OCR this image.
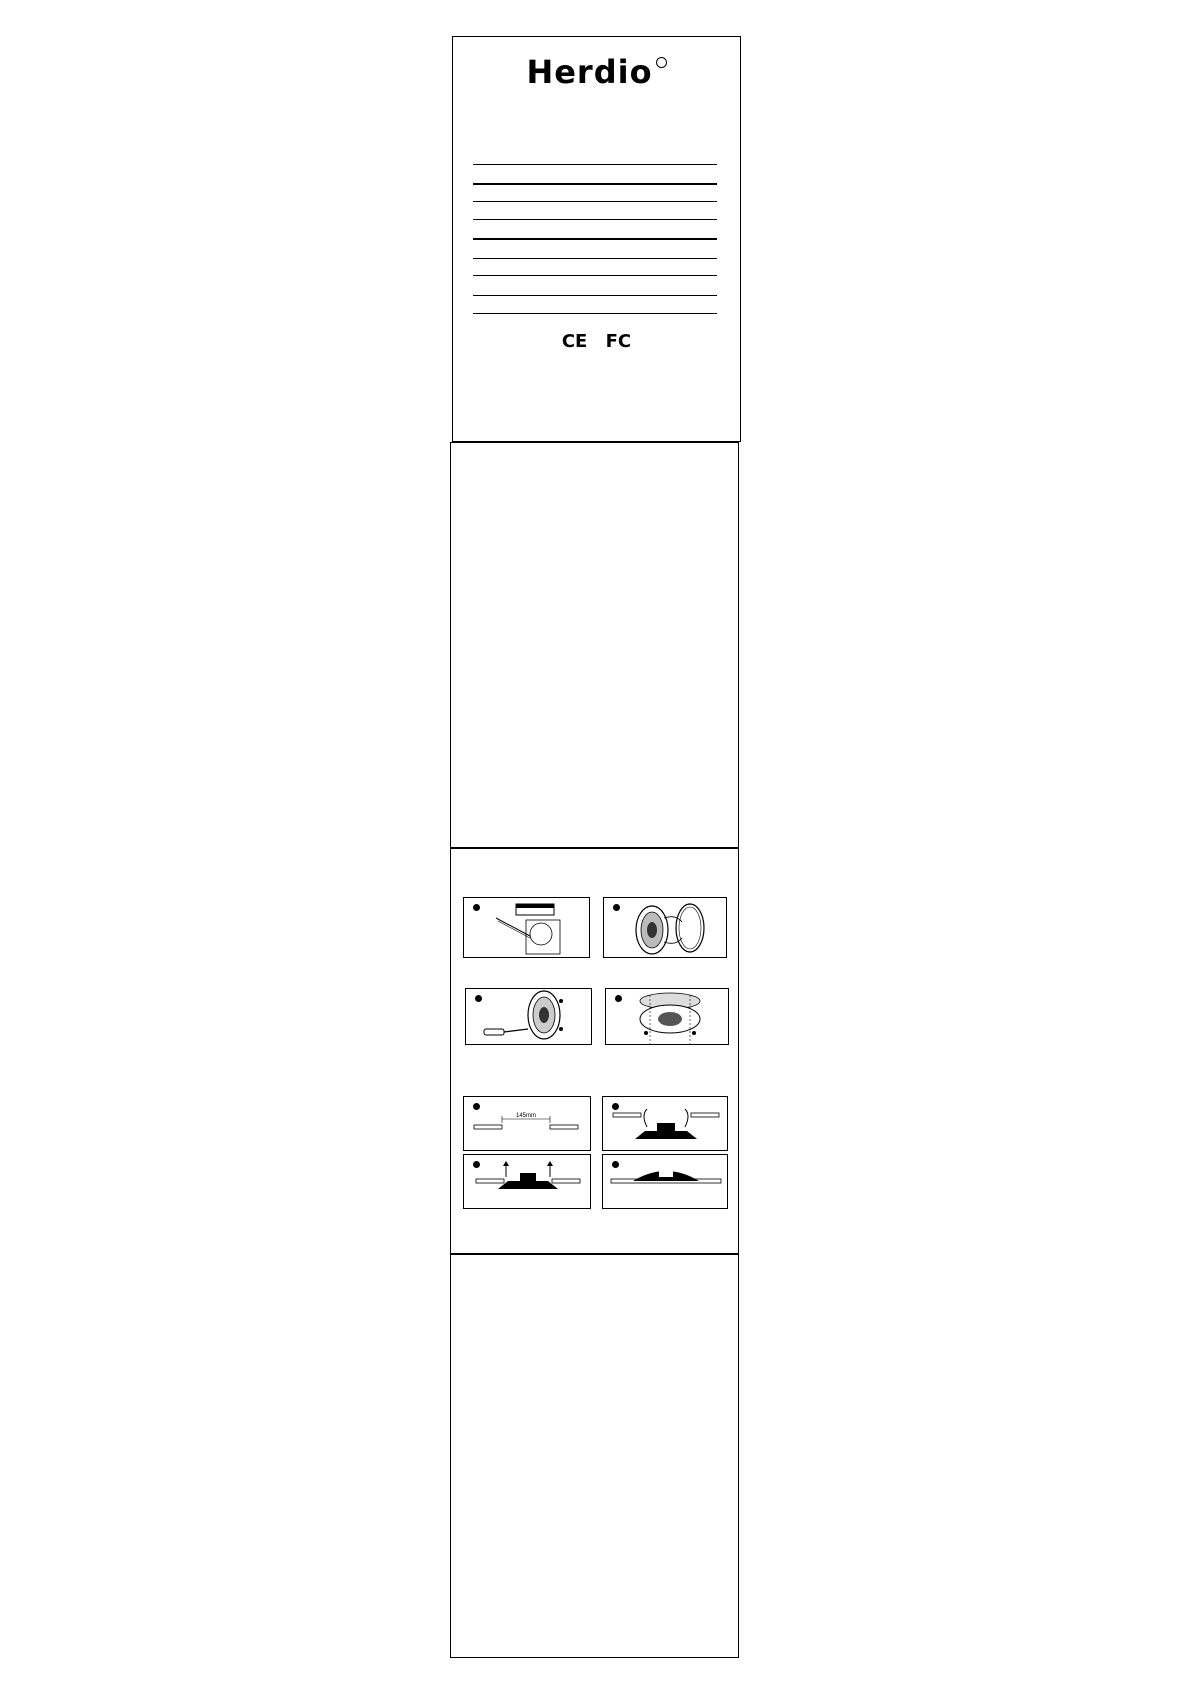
Herdio
CE FC
145mm
